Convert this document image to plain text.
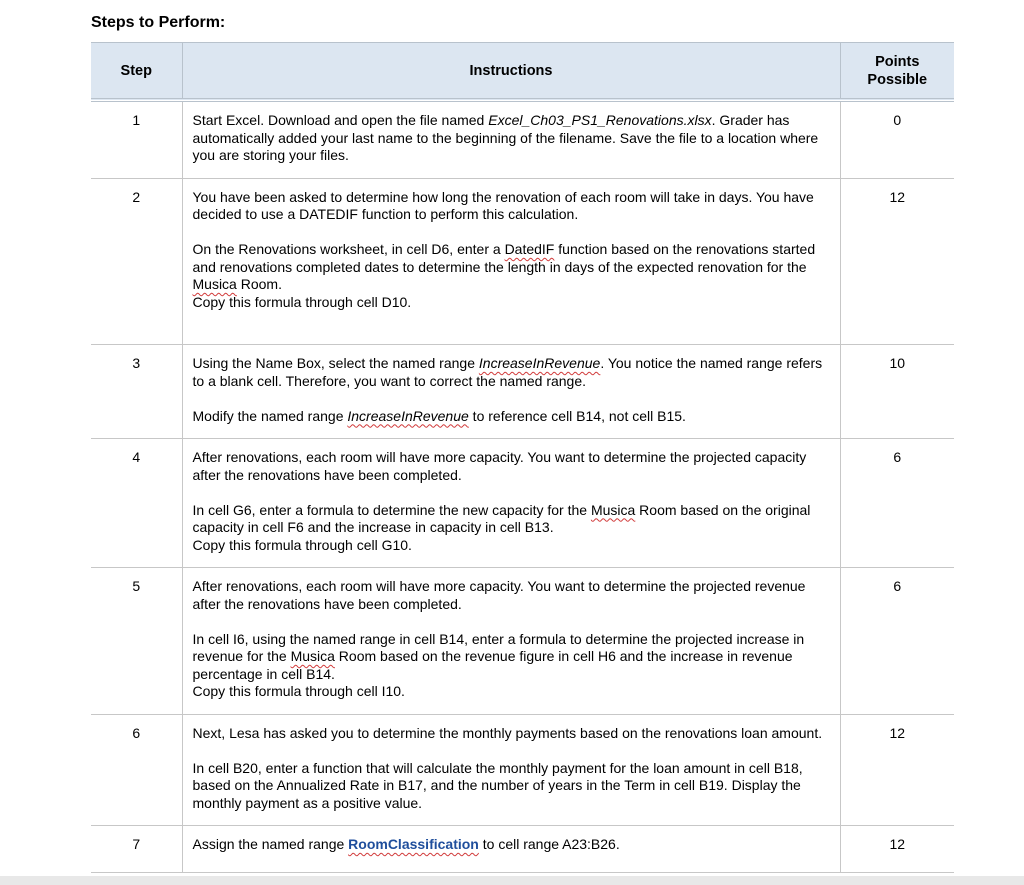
Steps to Perform:
Step	Instructions	Points
Possible
1	Start Excel. Download and open the file named Excel_Ch03_PS1_Renovations.xlsx. Grader has automatically added your last name to the beginning of the filename. Save the file to a location where you are storing your files.	0
2	You have been asked to determine how long the renovation of each room will take in days. You have decided to use a DATEDIF function to perform this calculation.

On the Renovations worksheet, in cell D6, enter a DatedIF function based on the renovations started and renovations completed dates to determine the length in days of the expected renovation for the Musica Room.
Copy this formula through cell D10.	12
3	Using the Name Box, select the named range IncreaseInRevenue. You notice the named range refers to a blank cell. Therefore, you want to correct the named range.

Modify the named range IncreaseInRevenue to reference cell B14, not cell B15.	10
4	After renovations, each room will have more capacity. You want to determine the projected capacity after the renovations have been completed.

In cell G6, enter a formula to determine the new capacity for the Musica Room based on the original capacity in cell F6 and the increase in capacity in cell B13.
Copy this formula through cell G10.	6
5	After renovations, each room will have more capacity. You want to determine the projected revenue after the renovations have been completed.

In cell I6, using the named range in cell B14, enter a formula to determine the projected increase in revenue for the Musica Room based on the revenue figure in cell H6 and the increase in revenue percentage in cell B14.
Copy this formula through cell I10.	6
6	Next, Lesa has asked you to determine the monthly payments based on the renovations loan amount.

In cell B20, enter a function that will calculate the monthly payment for the loan amount in cell B18, based on the Annualized Rate in B17, and the number of years in the Term in cell B19. Display the monthly payment as a positive value.	12
7	Assign the named range RoomClassification to cell range A23:B26.	12
